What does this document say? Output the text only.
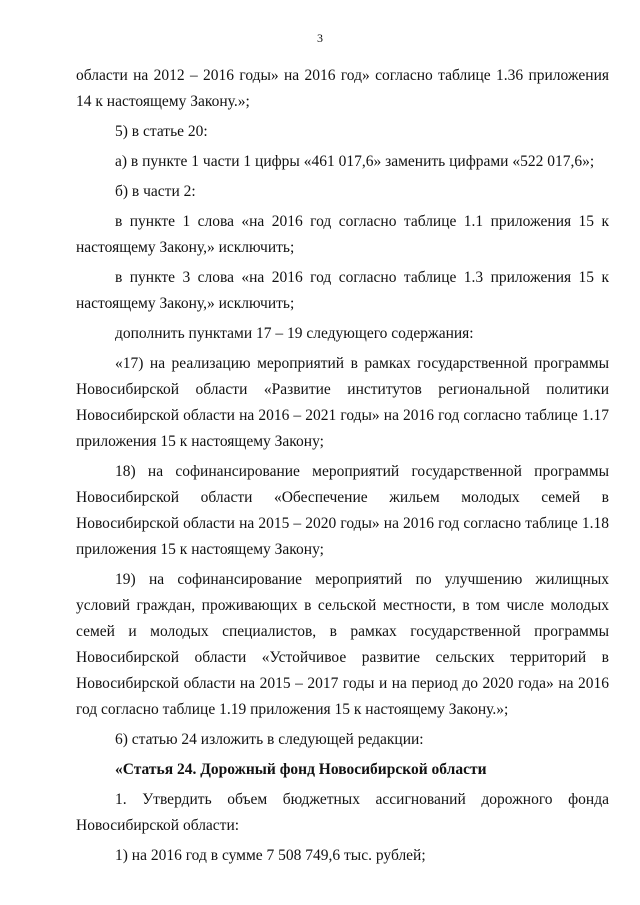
3

области на 2012 – 2016 годы» на 2016 год» согласно таблице 1.36 приложения 14 к настоящему Закону.»;

5) в статье 20:

а) в пункте 1 части 1 цифры «461 017,6» заменить цифрами «522 017,6»;

б) в части 2:

в пункте 1 слова «на 2016 год согласно таблице 1.1 приложения 15 к настоящему Закону,» исключить;

в пункте 3 слова «на 2016 год согласно таблице 1.3 приложения 15 к настоящему Закону,» исключить;

дополнить пунктами 17 – 19 следующего содержания:

«17) на реализацию мероприятий в рамках государственной программы Новосибирской области «Развитие институтов региональной политики Новосибирской области на 2016 – 2021 годы» на 2016 год согласно таблице 1.17 приложения 15 к настоящему Закону;

18) на софинансирование мероприятий государственной программы Новосибирской области «Обеспечение жильем молодых семей в Новосибирской области на 2015 – 2020 годы» на 2016 год согласно таблице 1.18 приложения 15 к настоящему Закону;

19) на софинансирование мероприятий по улучшению жилищных условий граждан, проживающих в сельской местности, в том числе молодых семей и молодых специалистов, в рамках государственной программы Новосибирской области «Устойчивое развитие сельских территорий в Новосибирской области на 2015 – 2017 годы и на период до 2020 года» на 2016 год согласно таблице 1.19 приложения 15 к настоящему Закону.»;

6) статью 24 изложить в следующей редакции:

«Статья 24. Дорожный фонд Новосибирской области

1. Утвердить объем бюджетных ассигнований дорожного фонда Новосибирской области:

1) на 2016 год в сумме 7 508 749,6 тыс. рублей;
